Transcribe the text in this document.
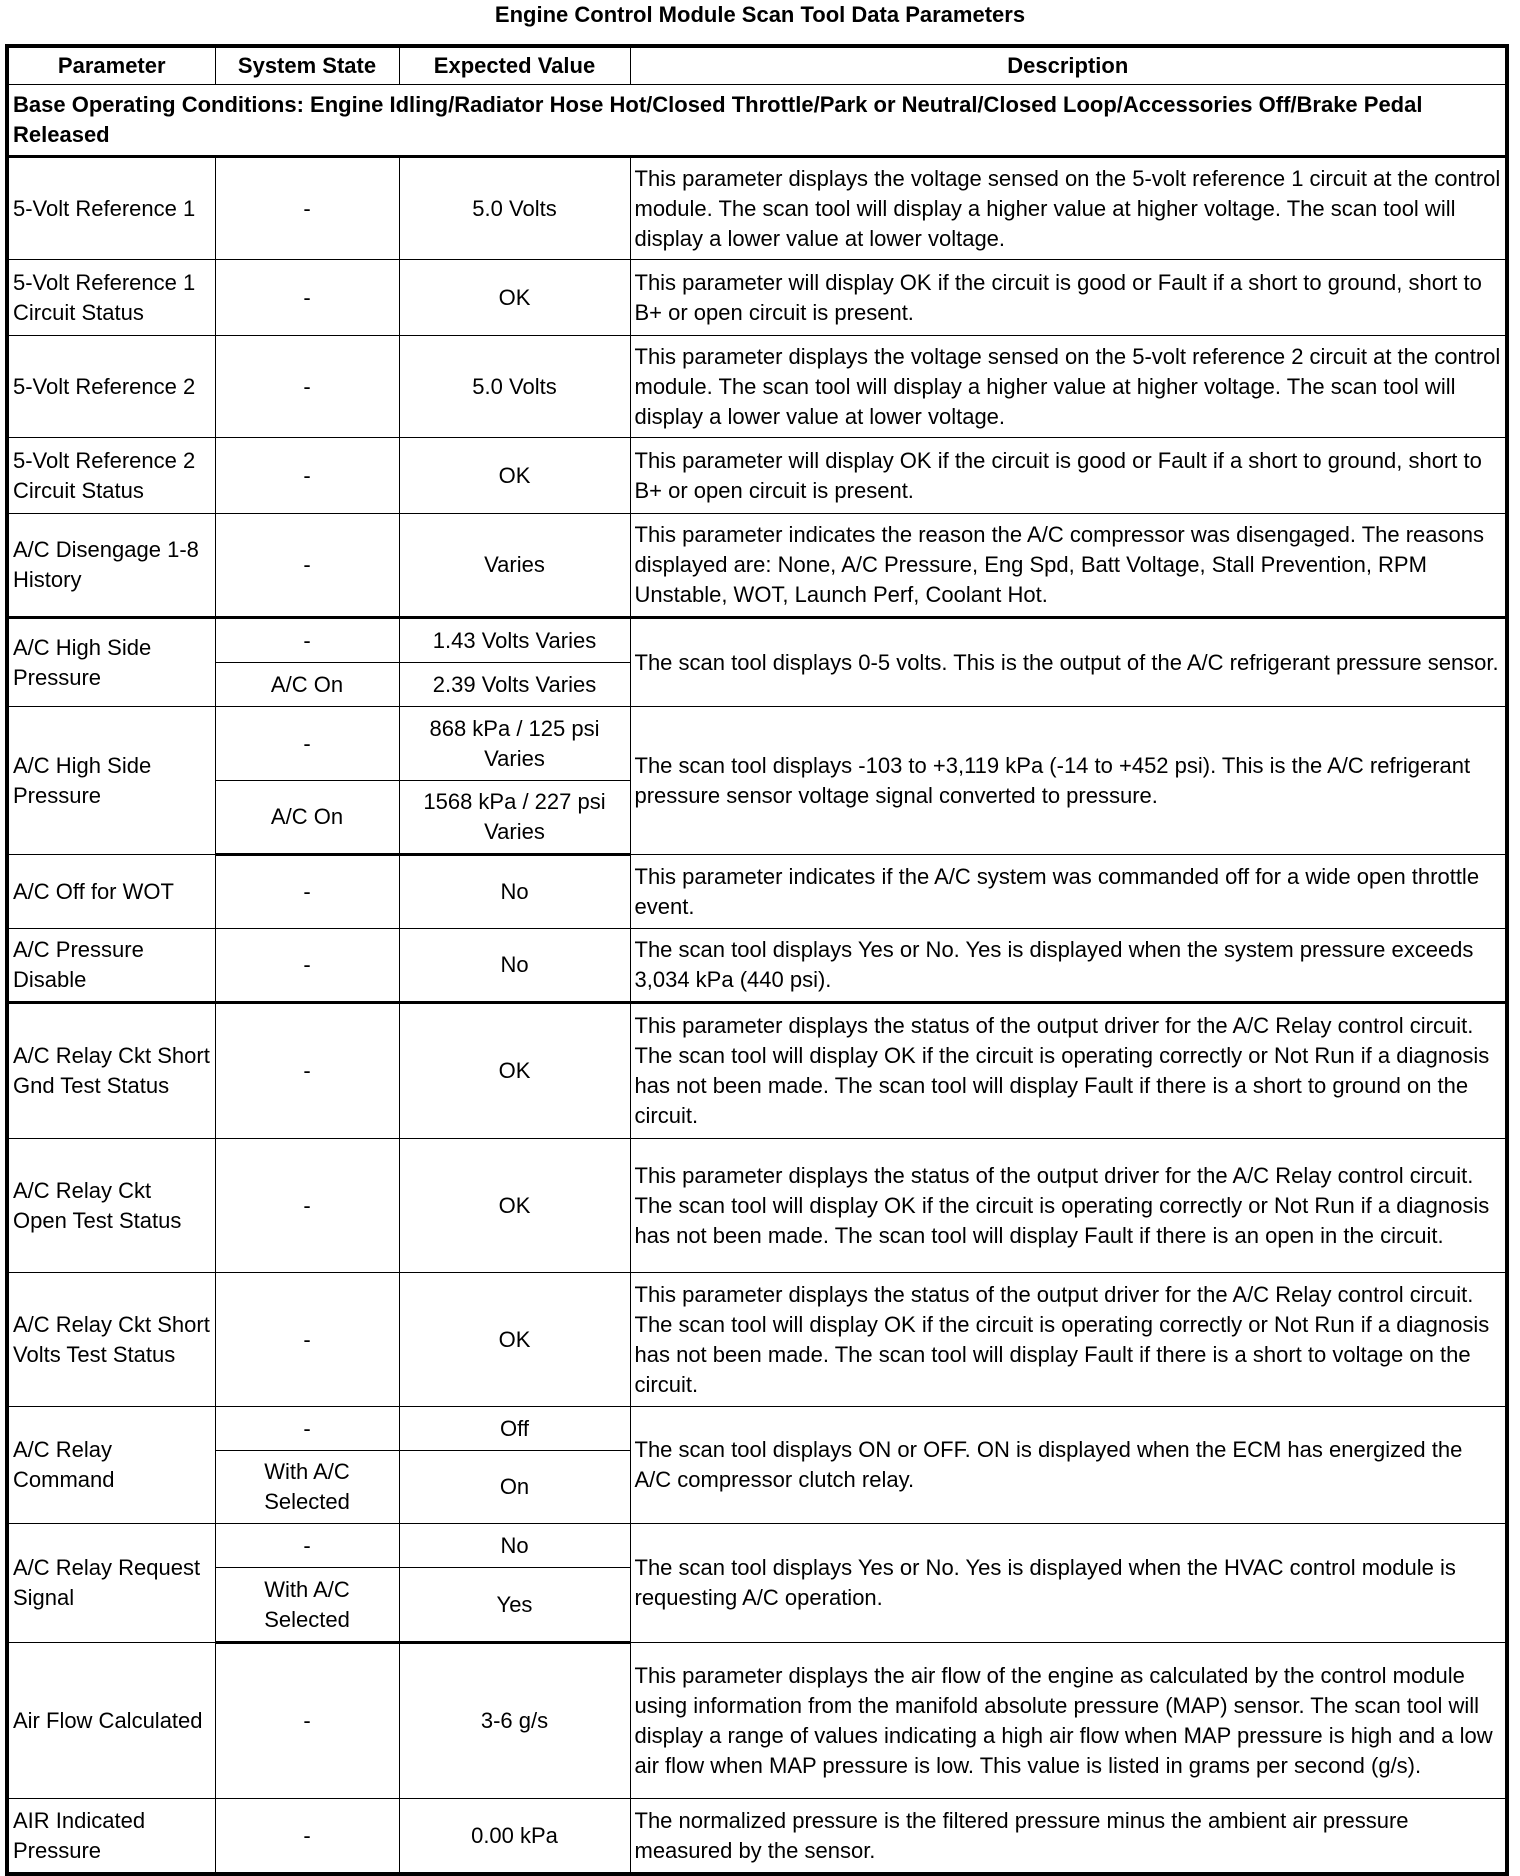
Engine Control Module Scan Tool Data Parameters
Parameter	System State	Expected Value	Description
Base Operating Conditions: Engine Idling/Radiator Hose Hot/Closed Throttle/Park or Neutral/Closed Loop/Accessories Off/Brake Pedal Released			
5-Volt Reference 1	-	5.0 Volts	This parameter displays the voltage sensed on the 5-volt reference 1 circuit at the control module. The scan tool will display a higher value at higher voltage. The scan tool will display a lower value at lower voltage.
5-Volt Reference 1 Circuit Status	-	OK	This parameter will display OK if the circuit is good or Fault if a short to ground, short to B+ or open circuit is present.
5-Volt Reference 2	-	5.0 Volts	This parameter displays the voltage sensed on the 5-volt reference 2 circuit at the control module. The scan tool will display a higher value at higher voltage. The scan tool will display a lower value at lower voltage.
5-Volt Reference 2 Circuit Status	-	OK	This parameter will display OK if the circuit is good or Fault if a short to ground, short to B+ or open circuit is present.
A/C Disengage 1-8 History	-	Varies	This parameter indicates the reason the A/C compressor was disengaged. The reasons displayed are: None, A/C Pressure, Eng Spd, Batt Voltage, Stall Prevention, RPM Unstable, WOT, Launch Perf, Coolant Hot.
A/C High Side Pressure	-	1.43 Volts Varies	The scan tool displays 0-5 volts. This is the output of the A/C refrigerant pressure sensor.
	A/C On	2.39 Volts Varies	
A/C High Side Pressure	-	868 kPa / 125 psi Varies	The scan tool displays -103 to +3,119 kPa (-14 to +452 psi). This is the A/C refrigerant pressure sensor voltage signal converted to pressure.
	A/C On	1568 kPa / 227 psi Varies	
A/C Off for WOT	-	No	This parameter indicates if the A/C system was commanded off for a wide open throttle event.
A/C Pressure Disable	-	No	The scan tool displays Yes or No. Yes is displayed when the system pressure exceeds 3,034 kPa (440 psi).
A/C Relay Ckt Short Gnd Test Status	-	OK	This parameter displays the status of the output driver for the A/C Relay control circuit. The scan tool will display OK if the circuit is operating correctly or Not Run if a diagnosis has not been made. The scan tool will display Fault if there is a short to ground on the circuit.
A/C Relay Ckt Open Test Status	-	OK	This parameter displays the status of the output driver for the A/C Relay control circuit. The scan tool will display OK if the circuit is operating correctly or Not Run if a diagnosis has not been made. The scan tool will display Fault if there is an open in the circuit.
A/C Relay Ckt Short Volts Test Status	-	OK	This parameter displays the status of the output driver for the A/C Relay control circuit. The scan tool will display OK if the circuit is operating correctly or Not Run if a diagnosis has not been made. The scan tool will display Fault if there is a short to voltage on the circuit.
A/C Relay Command	-	Off	The scan tool displays ON or OFF. ON is displayed when the ECM has energized the A/C compressor clutch relay.
	With A/C Selected	On	
A/C Relay Request Signal	-	No	The scan tool displays Yes or No. Yes is displayed when the HVAC control module is requesting A/C operation.
	With A/C Selected	Yes	
Air Flow Calculated	-	3-6 g/s	This parameter displays the air flow of the engine as calculated by the control module using information from the manifold absolute pressure (MAP) sensor. The scan tool will display a range of values indicating a high air flow when MAP pressure is high and a low air flow when MAP pressure is low. This value is listed in grams per second (g/s).
AIR Indicated Pressure	-	0.00 kPa	The normalized pressure is the filtered pressure minus the ambient air pressure measured by the sensor.
